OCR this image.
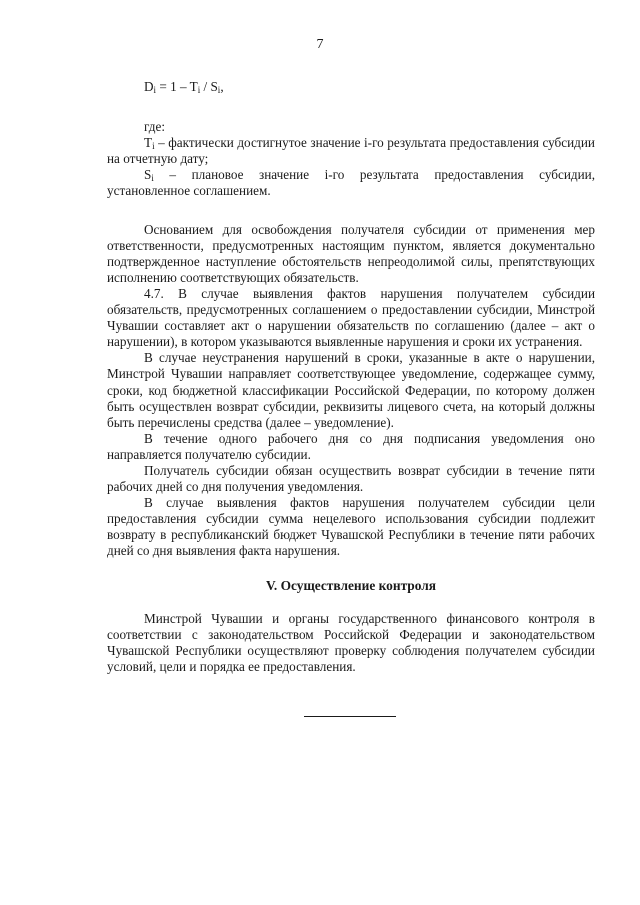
7
$D_i = 1 - T_i / S_i$,

где:

$T_i$ – фактически достигнутое значение i-го результата предоставления субсидии на отчетную дату;

$S_i$ – плановое значение i-го результата предоставления субсидии, установленное соглашением.

Основанием для освобождения получателя субсидии от применения мер ответственности, предусмотренных настоящим пунктом, является документально подтвержденное наступление обстоятельств непреодолимой силы, препятствующих исполнению соответствующих обязательств.

4.7. В случае выявления фактов нарушения получателем субсидии обязательств, предусмотренных соглашением о предоставлении субсидии, Минстрой Чувашии составляет акт о нарушении обязательств по соглашению (далее – акт о нарушении), в котором указываются выявленные нарушения и сроки их устранения.

В случае неустранения нарушений в сроки, указанные в акте о нарушении, Минстрой Чувашии направляет соответствующее уведомление, содержащее сумму, сроки, код бюджетной классификации Российской Федерации, по которому должен быть осуществлен возврат субсидии, реквизиты лицевого счета, на который должны быть перечислены средства (далее – уведомление).

В течение одного рабочего дня со дня подписания уведомления оно направляется получателю субсидии.

Получатель субсидии обязан осуществить возврат субсидии в течение пяти рабочих дней со дня получения уведомления.

В случае выявления фактов нарушения получателем субсидии цели предоставления субсидии сумма нецелевого использования субсидии подлежит возврату в республиканский бюджет Чувашской Республики в течение пяти рабочих дней со дня выявления факта нарушения.

V. Осуществление контроля

Минстрой Чувашии и органы государственного финансового контроля в соответствии с законодательством Российской Федерации и законодательством Чувашской Республики осуществляют проверку соблюдения получателем субсидии условий, цели и порядка ее предоставления.
